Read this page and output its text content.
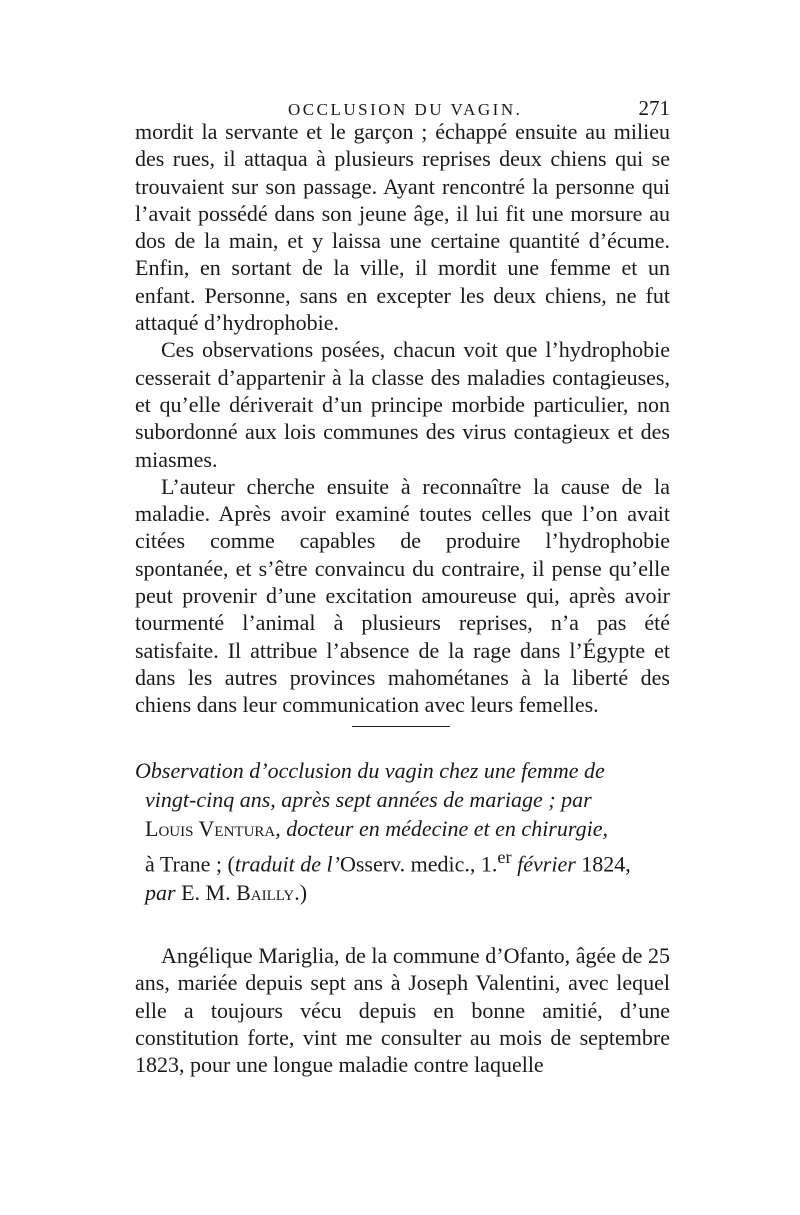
OCCLUSION DU VAGIN.	271

mordit la servante et le garçon ; échappé ensuite au milieu des rues, il attaqua à plusieurs reprises deux chiens qui se trouvaient sur son passage. Ayant rencontré la personne qui l’avait possédé dans son jeune âge, il lui fit une morsure au dos de la main, et y laissa une certaine quantité d’écume. Enfin, en sortant de la ville, il mordit une femme et un enfant. Personne, sans en excepter les deux chiens, ne fut attaqué d’hydrophobie.

Ces observations posées, chacun voit que l’hydrophobie cesserait d’appartenir à la classe des maladies contagieuses, et qu’elle dériverait d’un principe morbide particulier, non subordonné aux lois communes des virus contagieux et des miasmes.

L’auteur cherche ensuite à reconnaître la cause de la maladie. Après avoir examiné toutes celles que l’on avait citées comme capables de produire l’hydrophobie spontanée, et s’être convaincu du contraire, il pense qu’elle peut provenir d’une excitation amoureuse qui, après avoir tourmenté l’animal à plusieurs reprises, n’a pas été satisfaite. Il attribue l’absence de la rage dans l’Égypte et dans les autres provinces mahométanes à la liberté des chiens dans leur communication avec leurs femelles.

Observation d’occlusion du vagin chez une femme de
vingt-cinq ans, après sept années de mariage ; par
Louis Ventura, docteur en médecine et en chirurgie,
à Trane ; (traduit de l’Osserv. medic., 1.$^{er}$ février 1824,
par E. M. Bailly.)

Angélique Mariglia, de la commune d’Ofanto, âgée de 25 ans, mariée depuis sept ans à Joseph Valentini, avec lequel elle a toujours vécu depuis en bonne amitié, d’une constitution forte, vint me consulter au mois de septembre 1823, pour une longue maladie contre laquelle
